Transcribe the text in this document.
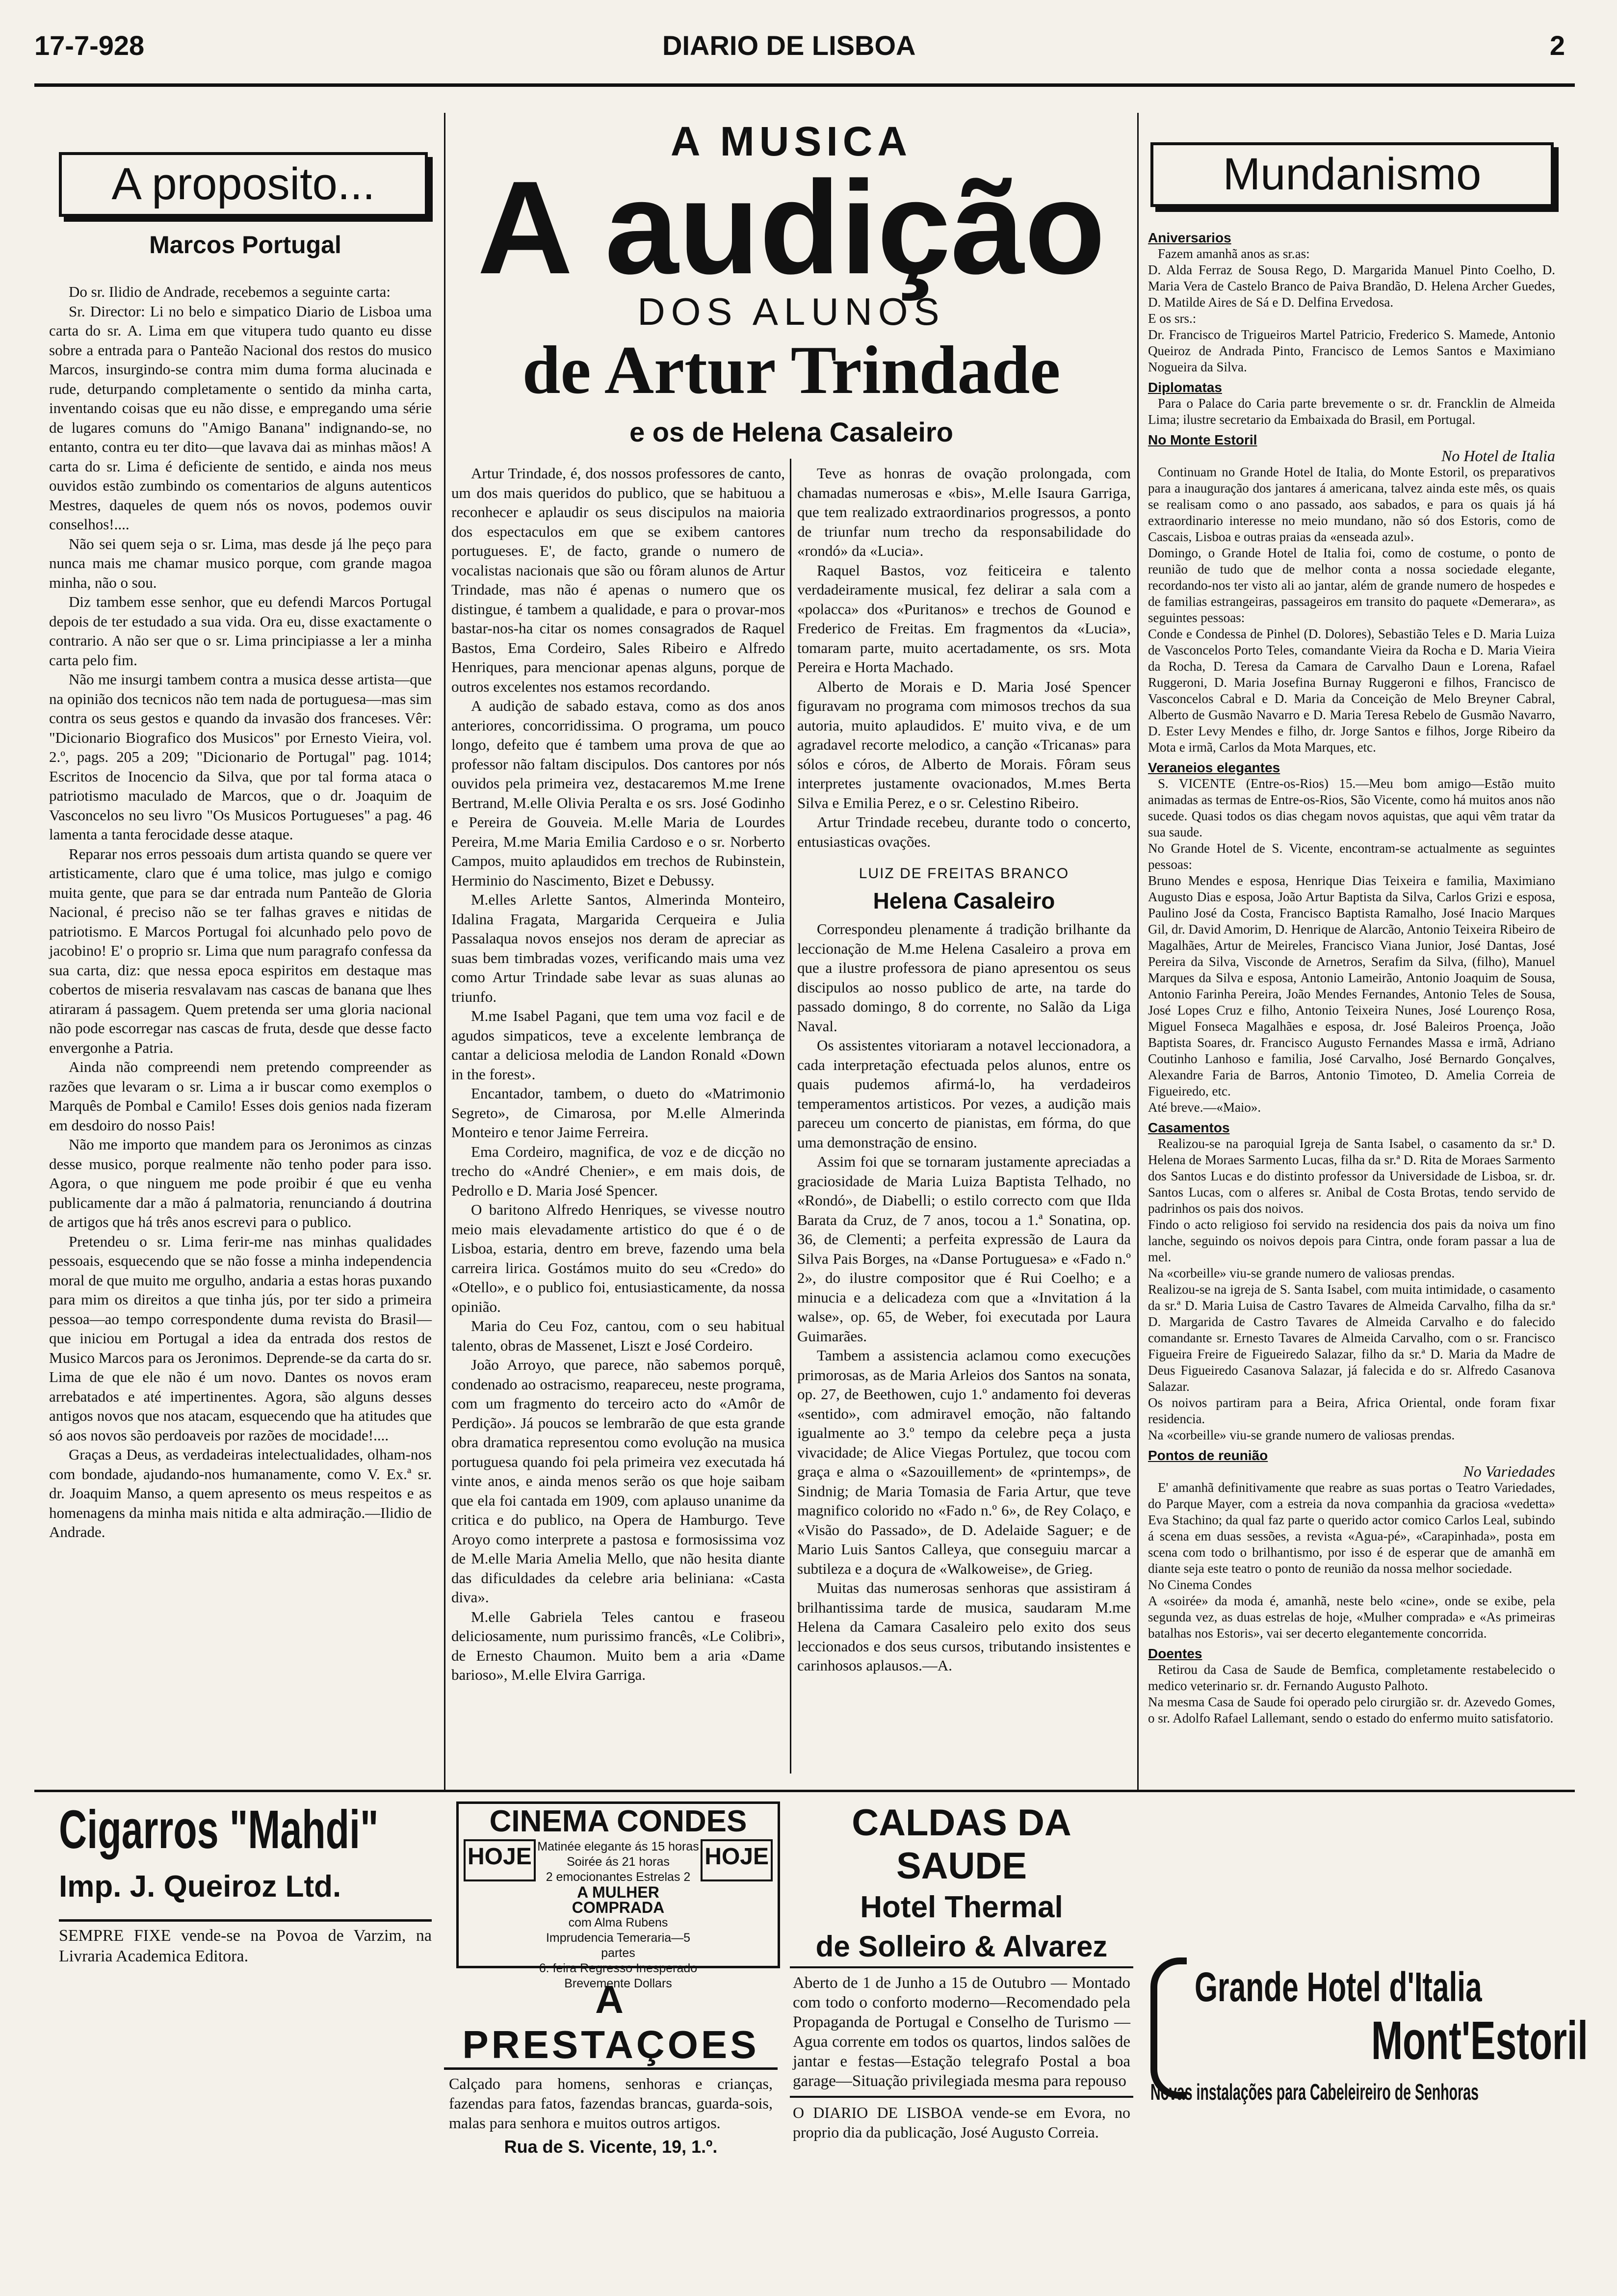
17-7-928	DIARIO DE LISBOA	2
A proposito...
Marcos Portugal

Do sr. Ilidio de Andrade, recebemos a seguinte carta:

Sr. Director: Li no belo e simpatico Diario de Lisboa uma carta do sr. A. Lima em que vitupera tudo quanto eu disse sobre a entrada para o Panteão Nacional dos restos do musico Marcos, insurgindo-se contra mim duma forma alucinada e rude, deturpando completamente o sentido da minha carta, inventando coisas que eu não disse, e empregando uma série de lugares comuns do "Amigo Banana" indignando-se, no entanto, contra eu ter dito—que lavava dai as minhas mãos! A carta do sr. Lima é deficiente de sentido, e ainda nos meus ouvidos estão zumbindo os comentarios de alguns autenticos Mestres, daqueles de quem nós os novos, podemos ouvir conselhos!....

Não sei quem seja o sr. Lima, mas desde já lhe peço para nunca mais me chamar musico porque, com grande magoa minha, não o sou.

Diz tambem esse senhor, que eu defendi Marcos Portugal depois de ter estudado a sua vida. Ora eu, disse exactamente o contrario. A não ser que o sr. Lima principiasse a ler a minha carta pelo fim.

Não me insurgi tambem contra a musica desse artista—que na opinião dos tecnicos não tem nada de portuguesa—mas sim contra os seus gestos e quando da invasão dos franceses. Vêr: "Dicionario Biografico dos Musicos" por Ernesto Vieira, vol. 2.º, pags. 205 a 209; "Dicionario de Portugal" pag. 1014; Escritos de Inocencio da Silva, que por tal forma ataca o patriotismo maculado de Marcos, que o dr. Joaquim de Vasconcelos no seu livro "Os Musicos Portugueses" a pag. 46 lamenta a tanta ferocidade desse ataque.

Reparar nos erros pessoais dum artista quando se quere ver artisticamente, claro que é uma tolice, mas julgo e comigo muita gente, que para se dar entrada num Panteão de Gloria Nacional, é preciso não se ter falhas graves e nitidas de patriotismo. E Marcos Portugal foi alcunhado pelo povo de jacobino! E' o proprio sr. Lima que num paragrafo confessa da sua carta, diz: que nessa epoca espiritos em destaque mas cobertos de miseria resvalavam nas cascas de banana que lhes atiraram á passagem. Quem pretenda ser uma gloria nacional não pode escorregar nas cascas de fruta, desde que desse facto envergonhe a Patria.

Ainda não compreendi nem pretendo compreender as razões que levaram o sr. Lima a ir buscar como exemplos o Marquês de Pombal e Camilo! Esses dois genios nada fizeram em desdoiro do nosso Pais!

Não me importo que mandem para os Jeronimos as cinzas desse musico, porque realmente não tenho poder para isso. Agora, o que ninguem me pode proibir é que eu venha publicamente dar a mão á palmatoria, renunciando á doutrina de artigos que há três anos escrevi para o publico.

Pretendeu o sr. Lima ferir-me nas minhas qualidades pessoais, esquecendo que se não fosse a minha independencia moral de que muito me orgulho, andaria a estas horas puxando para mim os direitos a que tinha jús, por ter sido a primeira pessoa—ao tempo correspondente duma revista do Brasil—que iniciou em Portugal a idea da entrada dos restos de Musico Marcos para os Jeronimos. Deprende-se da carta do sr. Lima de que ele não é um novo. Dantes os novos eram arrebatados e até impertinentes. Agora, são alguns desses antigos novos que nos atacam, esquecendo que ha atitudes que só aos novos são perdoaveis por razões de mocidade!....

Graças a Deus, as verdadeiras intelectualidades, olham-nos com bondade, ajudando-nos humanamente, como V. Ex.ª sr. dr. Joaquim Manso, a quem apresento os meus respeitos e as homenagens da minha mais nitida e alta admiração.—Ilidio de Andrade.

A MUSICA
A audição
DOS ALUNOS
de Artur Trindade
e os de Helena Casaleiro

Artur Trindade, é, dos nossos professores de canto, um dos mais queridos do publico, que se habituou a reconhecer e aplaudir os seus discipulos na maioria dos espectaculos em que se exibem cantores portugueses. E', de facto, grande o numero de vocalistas nacionais que são ou fôram alunos de Artur Trindade, mas não é apenas o numero que os distingue, é tambem a qualidade, e para o provar-mos bastar-nos-ha citar os nomes consagrados de Raquel Bastos, Ema Cordeiro, Sales Ribeiro e Alfredo Henriques, para mencionar apenas alguns, porque de outros excelentes nos estamos recordando.

A audição de sabado estava, como as dos anos anteriores, concorridissima. O programa, um pouco longo, defeito que é tambem uma prova de que ao professor não faltam discipulos. Dos cantores por nós ouvidos pela primeira vez, destacaremos M.me Irene Bertrand, M.elle Olivia Peralta e os srs. José Godinho e Pereira de Gouveia. M.elle Maria de Lourdes Pereira, M.me Maria Emilia Cardoso e o sr. Norberto Campos, muito aplaudidos em trechos de Rubinstein, Herminio do Nascimento, Bizet e Debussy.

M.elles Arlette Santos, Almerinda Monteiro, Idalina Fragata, Margarida Cerqueira e Julia Passalaqua novos ensejos nos deram de apreciar as suas bem timbradas vozes, verificando mais uma vez como Artur Trindade sabe levar as suas alunas ao triunfo.

M.me Isabel Pagani, que tem uma voz facil e de agudos simpaticos, teve a excelente lembrança de cantar a deliciosa melodia de Landon Ronald «Down in the forest».

Encantador, tambem, o dueto do «Matrimonio Segreto», de Cimarosa, por M.elle Almerinda Monteiro e tenor Jaime Ferreira.

Ema Cordeiro, magnifica, de voz e de dicção no trecho do «André Chenier», e em mais dois, de Pedrollo e D. Maria José Spencer.

O baritono Alfredo Henriques, se vivesse noutro meio mais elevadamente artistico do que é o de Lisboa, estaria, dentro em breve, fazendo uma bela carreira lirica. Gostámos muito do seu «Credo» do «Otello», e o publico foi, entusiasticamente, da nossa opinião.

Maria do Ceu Foz, cantou, com o seu habitual talento, obras de Massenet, Liszt e José Cordeiro.

João Arroyo, que parece, não sabemos porquê, condenado ao ostracismo, reapareceu, neste programa, com um fragmento do terceiro acto do «Amôr de Perdição». Já poucos se lembrarão de que esta grande obra dramatica representou como evolução na musica portuguesa quando foi pela primeira vez executada há vinte anos, e ainda menos serão os que hoje saibam que ela foi cantada em 1909, com aplauso unanime da critica e do publico, na Opera de Hamburgo. Teve Aroyo como interprete a pastosa e formosissima voz de M.elle Maria Amelia Mello, que não hesita diante das dificuldades da celebre aria beliniana: «Casta diva».

M.elle Gabriela Teles cantou e fraseou deliciosamente, num purissimo francês, «Le Colibri», de Ernesto Chaumon. Muito bem a aria «Dame barioso», M.elle Elvira Garriga.

Teve as honras de ovação prolongada, com chamadas numerosas e «bis», M.elle Isaura Garriga, que tem realizado extraordinarios progressos, a ponto de triunfar num trecho da responsabilidade do «rondó» da «Lucia».

Raquel Bastos, voz feiticeira e talento verdadeiramente musical, fez delirar a sala com a «polacca» dos «Puritanos» e trechos de Gounod e Frederico de Freitas. Em fragmentos da «Lucia», tomaram parte, muito acertadamente, os srs. Mota Pereira e Horta Machado.

Alberto de Morais e D. Maria José Spencer figuravam no programa com mimosos trechos da sua autoria, muito aplaudidos. E' muito viva, e de um agradavel recorte melodico, a canção «Tricanas» para sólos e córos, de Alberto de Morais. Fôram seus interpretes justamente ovacionados, M.mes Berta Silva e Emilia Perez, e o sr. Celestino Ribeiro.

Artur Trindade recebeu, durante todo o concerto, entusiasticas ovações.

LUIZ DE FREITAS BRANCO
Helena Casaleiro

Correspondeu plenamente á tradição brilhante da leccionação de M.me Helena Casaleiro a prova em que a ilustre professora de piano apresentou os seus discipulos ao nosso publico de arte, na tarde do passado domingo, 8 do corrente, no Salão da Liga Naval.

Os assistentes vitoriaram a notavel leccionadora, a cada interpretação efectuada pelos alunos, entre os quais pudemos afirmá-lo, ha verdadeiros temperamentos artisticos. Por vezes, a audição mais pareceu um concerto de pianistas, em fórma, do que uma demonstração de ensino.

Assim foi que se tornaram justamente apreciadas a graciosidade de Maria Luiza Baptista Telhado, no «Rondó», de Diabelli; o estilo correcto com que Ilda Barata da Cruz, de 7 anos, tocou a 1.ª Sonatina, op. 36, de Clementi; a perfeita expressão de Laura da Silva Pais Borges, na «Danse Portuguesa» e «Fado n.º 2», do ilustre compositor que é Rui Coelho; e a minucia e a delicadeza com que a «Invitation á la walse», op. 65, de Weber, foi executada por Laura Guimarães.

Tambem a assistencia aclamou como execuções primorosas, as de Maria Arleios dos Santos na sonata, op. 27, de Beethowen, cujo 1.º andamento foi deveras «sentido», com admiravel emoção, não faltando igualmente ao 3.º tempo da celebre peça a justa vivacidade; de Alice Viegas Portulez, que tocou com graça e alma o «Sazouillement» de «printemps», de Sindnig; de Maria Tomasia de Faria Artur, que teve magnifico colorido no «Fado n.º 6», de Rey Colaço, e «Visão do Passado», de D. Adelaide Saguer; e de Mario Luis Santos Calleya, que conseguiu marcar a subtileza e a doçura de «Walkoweise», de Grieg.

Muitas das numerosas senhoras que assistiram á brilhantissima tarde de musica, saudaram M.me Helena da Camara Casaleiro pelo exito dos seus leccionados e dos seus cursos, tributando insistentes e carinhosos aplausos.—A.

Mundanismo
Aniversarios
Fazem amanhã anos as sr.as:
D. Alda Ferraz de Sousa Rego, D. Margarida Manuel Pinto Coelho, D. Maria Vera de Castelo Branco de Paiva Brandão, D. Helena Archer Guedes, D. Matilde Aires de Sá e D. Delfina Ervedosa.
E os srs.:
Dr. Francisco de Trigueiros Martel Patricio, Frederico S. Mamede, Antonio Queiroz de Andrada Pinto, Francisco de Lemos Santos e Maximiano Nogueira da Silva.
Diplomatas
Para o Palace do Caria parte brevemente o sr. dr. Francklin de Almeida Lima; ilustre secretario da Embaixada do Brasil, em Portugal.
No Monte Estoril
No Hotel de Italia
Continuam no Grande Hotel de Italia, do Monte Estoril, os preparativos para a inauguração dos jantares á americana, talvez ainda este mês, os quais se realisam como o ano passado, aos sabados, e para os quais já há extraordinario interesse no meio mundano, não só dos Estoris, como de Cascais, Lisboa e outras praias da «enseada azul».
Domingo, o Grande Hotel de Italia foi, como de costume, o ponto de reunião de tudo que de melhor conta a nossa sociedade elegante, recordando-nos ter visto ali ao jantar, além de grande numero de hospedes e de familias estrangeiras, passageiros em transito do paquete «Demerara», as seguintes pessoas:
Conde e Condessa de Pinhel (D. Dolores), Sebastião Teles e D. Maria Luiza de Vasconcelos Porto Teles, comandante Vieira da Rocha e D. Maria Vieira da Rocha, D. Teresa da Camara de Carvalho Daun e Lorena, Rafael Ruggeroni, D. Maria Josefina Burnay Ruggeroni e filhos, Francisco de Vasconcelos Cabral e D. Maria da Conceição de Melo Breyner Cabral, Alberto de Gusmão Navarro e D. Maria Teresa Rebelo de Gusmão Navarro, D. Ester Levy Mendes e filho, dr. Jorge Santos e filhos, Jorge Ribeiro da Mota e irmã, Carlos da Mota Marques, etc.
Veraneios elegantes
S. VICENTE (Entre-os-Rios) 15.—Meu bom amigo—Estão muito animadas as termas de Entre-os-Rios, São Vicente, como há muitos anos não sucede. Quasi todos os dias chegam novos aquistas, que aqui vêm tratar da sua saude.
No Grande Hotel de S. Vicente, encontram-se actualmente as seguintes pessoas:
Bruno Mendes e esposa, Henrique Dias Teixeira e familia, Maximiano Augusto Dias e esposa, João Artur Baptista da Silva, Carlos Grizi e esposa, Paulino José da Costa, Francisco Baptista Ramalho, José Inacio Marques Gil, dr. David Amorim, D. Henrique de Alarcão, Antonio Teixeira Ribeiro de Magalhães, Artur de Meireles, Francisco Viana Junior, José Dantas, José Pereira da Silva, Visconde de Arnetros, Serafim da Silva, (filho), Manuel Marques da Silva e esposa, Antonio Lameirão, Antonio Joaquim de Sousa, Antonio Farinha Pereira, João Mendes Fernandes, Antonio Teles de Sousa, José Lopes Cruz e filho, Antonio Teixeira Nunes, José Lourenço Rosa, Miguel Fonseca Magalhães e esposa, dr. José Baleiros Proença, João Baptista Soares, dr. Francisco Augusto Fernandes Massa e irmã, Adriano Coutinho Lanhoso e familia, José Carvalho, José Bernardo Gonçalves, Alexandre Faria de Barros, Antonio Timoteo, D. Amelia Correia de Figueiredo, etc.
Até breve.—«Maio».
Casamentos
Realizou-se na paroquial Igreja de Santa Isabel, o casamento da sr.ª D. Helena de Moraes Sarmento Lucas, filha da sr.ª D. Rita de Moraes Sarmento dos Santos Lucas e do distinto professor da Universidade de Lisboa, sr. dr. Santos Lucas, com o alferes sr. Anibal de Costa Brotas, tendo servido de padrinhos os pais dos noivos.
Findo o acto religioso foi servido na residencia dos pais da noiva um fino lanche, seguindo os noivos depois para Cintra, onde foram passar a lua de mel.
Na «corbeille» viu-se grande numero de valiosas prendas.
Realizou-se na igreja de S. Santa Isabel, com muita intimidade, o casamento da sr.ª D. Maria Luisa de Castro Tavares de Almeida Carvalho, filha da sr.ª D. Margarida de Castro Tavares de Almeida Carvalho e do falecido comandante sr. Ernesto Tavares de Almeida Carvalho, com o sr. Francisco Figueira Freire de Figueiredo Salazar, filho da sr.ª D. Maria da Madre de Deus Figueiredo Casanova Salazar, já falecida e do sr. Alfredo Casanova Salazar.
Os noivos partiram para a Beira, Africa Oriental, onde foram fixar residencia.
Na «corbeille» viu-se grande numero de valiosas prendas.
Pontos de reunião
No Variedades
E' amanhã definitivamente que reabre as suas portas o Teatro Variedades, do Parque Mayer, com a estreia da nova companhia da graciosa «vedetta» Eva Stachino; da qual faz parte o querido actor comico Carlos Leal, subindo á scena em duas sessões, a revista «Agua-pé», «Carapinhada», posta em scena com todo o brilhantismo, por isso é de esperar que de amanhã em diante seja este teatro o ponto de reunião da nossa melhor sociedade.
No Cinema Condes
A «soirée» da moda é, amanhã, neste belo «cine», onde se exibe, pela segunda vez, as duas estrelas de hoje, «Mulher comprada» e «As primeiras batalhas nos Estoris», vai ser decerto elegantemente concorrida.
Doentes
Retirou da Casa de Saude de Bemfica, completamente restabelecido o medico veterinario sr. dr. Fernando Augusto Palhoto.
Na mesma Casa de Saude foi operado pelo cirurgião sr. dr. Azevedo Gomes, o sr. Adolfo Rafael Lallemant, sendo o estado do enfermo muito satisfatorio.
Cigarros "Mahdi"
Imp. J. Queiroz Ltd.
SEMPRE FIXE vende-se na Povoa de Varzim, na Livraria Academica Editora.
CINEMA CONDES
HOJE Matinée elegante ás 15 horas
Soirée ás 21 horas
2 emocionantes Estrelas 2
A MULHER COMPRADA
com Alma Rubens
Imprudencia Temeraria—5 partes
6. feira Regresso Inesperado
Brevemente Dollars
HOJE
A PRESTAÇOES
Calçado para homens, senhoras e crianças, fazendas para fatos, fazendas brancas, guarda-sois, malas para senhora e muitos outros artigos.
Rua de S. Vicente, 19, 1.º.
CALDAS DA SAUDE
Hotel Thermal
de Solleiro & Alvarez
Aberto de 1 de Junho a 15 de Outubro — Montado com todo o conforto moderno—Recomendado pela Propaganda de Portugal e Conselho de Turismo — Agua corrente em todos os quartos, lindos salões de jantar e festas—Estação telegrafo Postal a boa garage—Situação privilegiada mesma para repouso
O DIARIO DE LISBOA vende-se em Evora, no proprio dia da publicação, José Augusto Correia.
Grande Hotel d'Italia
Mont'Estoril
Novas instalações para Cabeleireiro de Senhoras
